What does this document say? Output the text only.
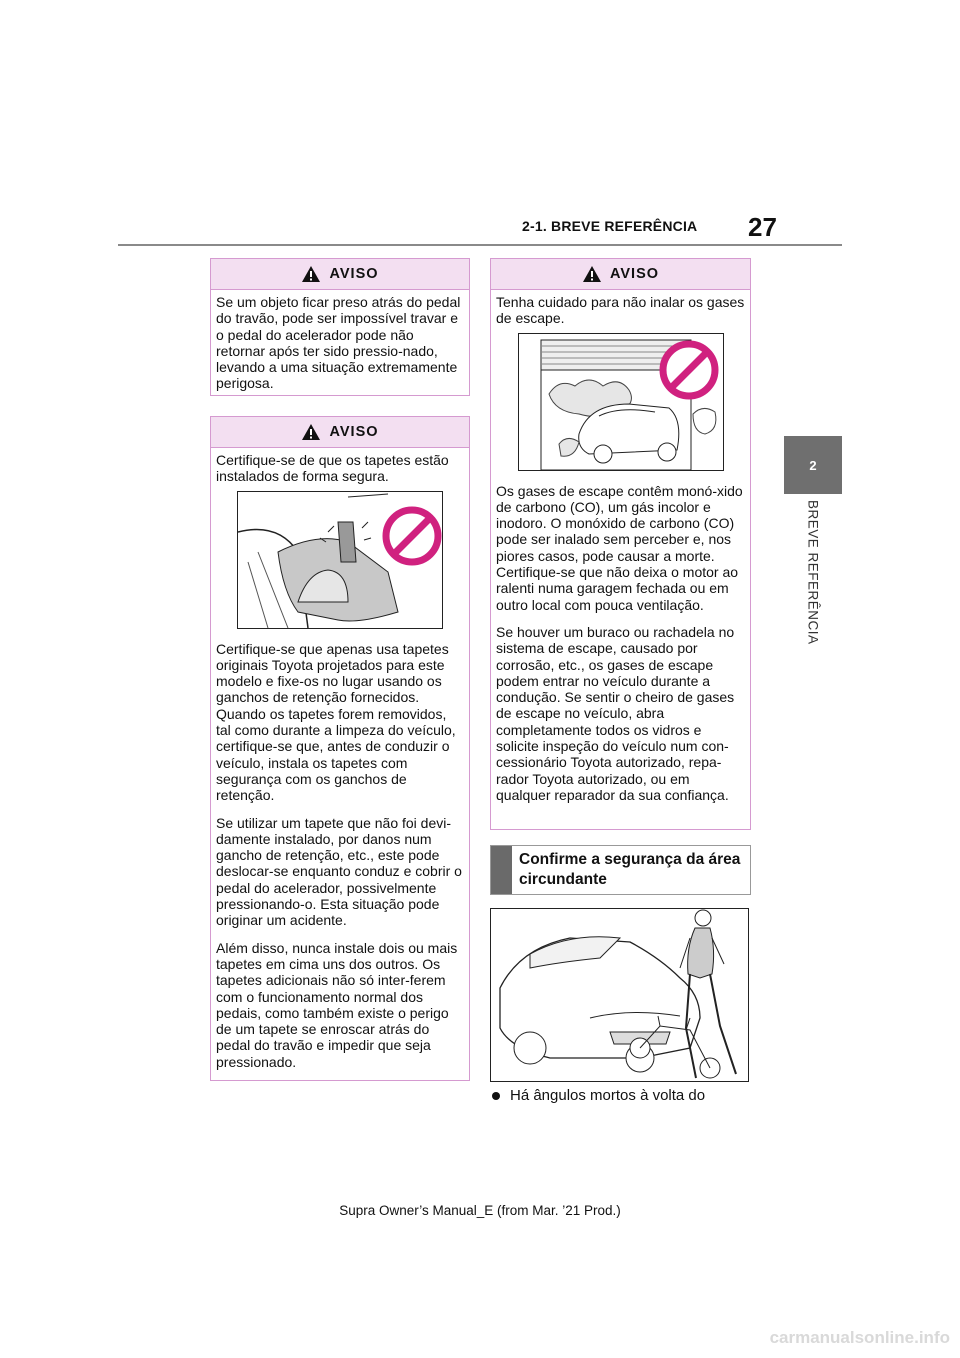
2-1. BREVE REFERÊNCIA 27
2
BREVE REFERÊNCIA
AVISO

Se um objeto ficar preso atrás do pedal do travão, pode ser impossível travar e o pedal do acelerador pode não retornar após ter sido pressio-nado, levando a uma situação extremamente perigosa.

AVISO

Certifique-se de que os tapetes estão instalados de forma segura.

Certifique-se que apenas usa tapetes originais Toyota projetados para este modelo e fixe-os no lugar usando os ganchos de retenção fornecidos. Quando os tapetes forem removidos, tal como durante a limpeza do veículo, certifique-se que, antes de conduzir o veículo, instala os tapetes com segurança com os ganchos de retenção.

Se utilizar um tapete que não foi devi-damente instalado, por danos num gancho de retenção, etc., este pode deslocar-se enquanto conduz e cobrir o pedal do acelerador, possivelmente pressionando-o. Esta situação pode originar um acidente.

Além disso, nunca instale dois ou mais tapetes em cima uns dos outros. Os tapetes adicionais não só inter-ferem com o funcionamento normal dos pedais, como também existe o perigo de um tapete se enroscar atrás do pedal do travão e impedir que seja pressionado.

AVISO

Tenha cuidado para não inalar os gases de escape.

Os gases de escape contêm monó-xido de carbono (CO), um gás incolor e inodoro. O monóxido de carbono (CO) pode ser inalado sem perceber e, nos piores casos, pode causar a morte. Certifique-se que não deixa o motor ao ralenti numa garagem fechada ou em outro local com pouca ventilação.

Se houver um buraco ou rachadela no sistema de escape, causado por corrosão, etc., os gases de escape podem entrar no veículo durante a condução. Se sentir o cheiro de gases de escape no veículo, abra completamente todos os vidros e solicite inspeção do veículo num con-cessionário Toyota autorizado, repa-rador Toyota autorizado, ou em qualquer reparador da sua confiança.

Confirme a segurança da área circundante
Há ângulos mortos à volta do
Supra Owner’s Manual_E (from Mar. ’21 Prod.)
carmanualsonline.info
